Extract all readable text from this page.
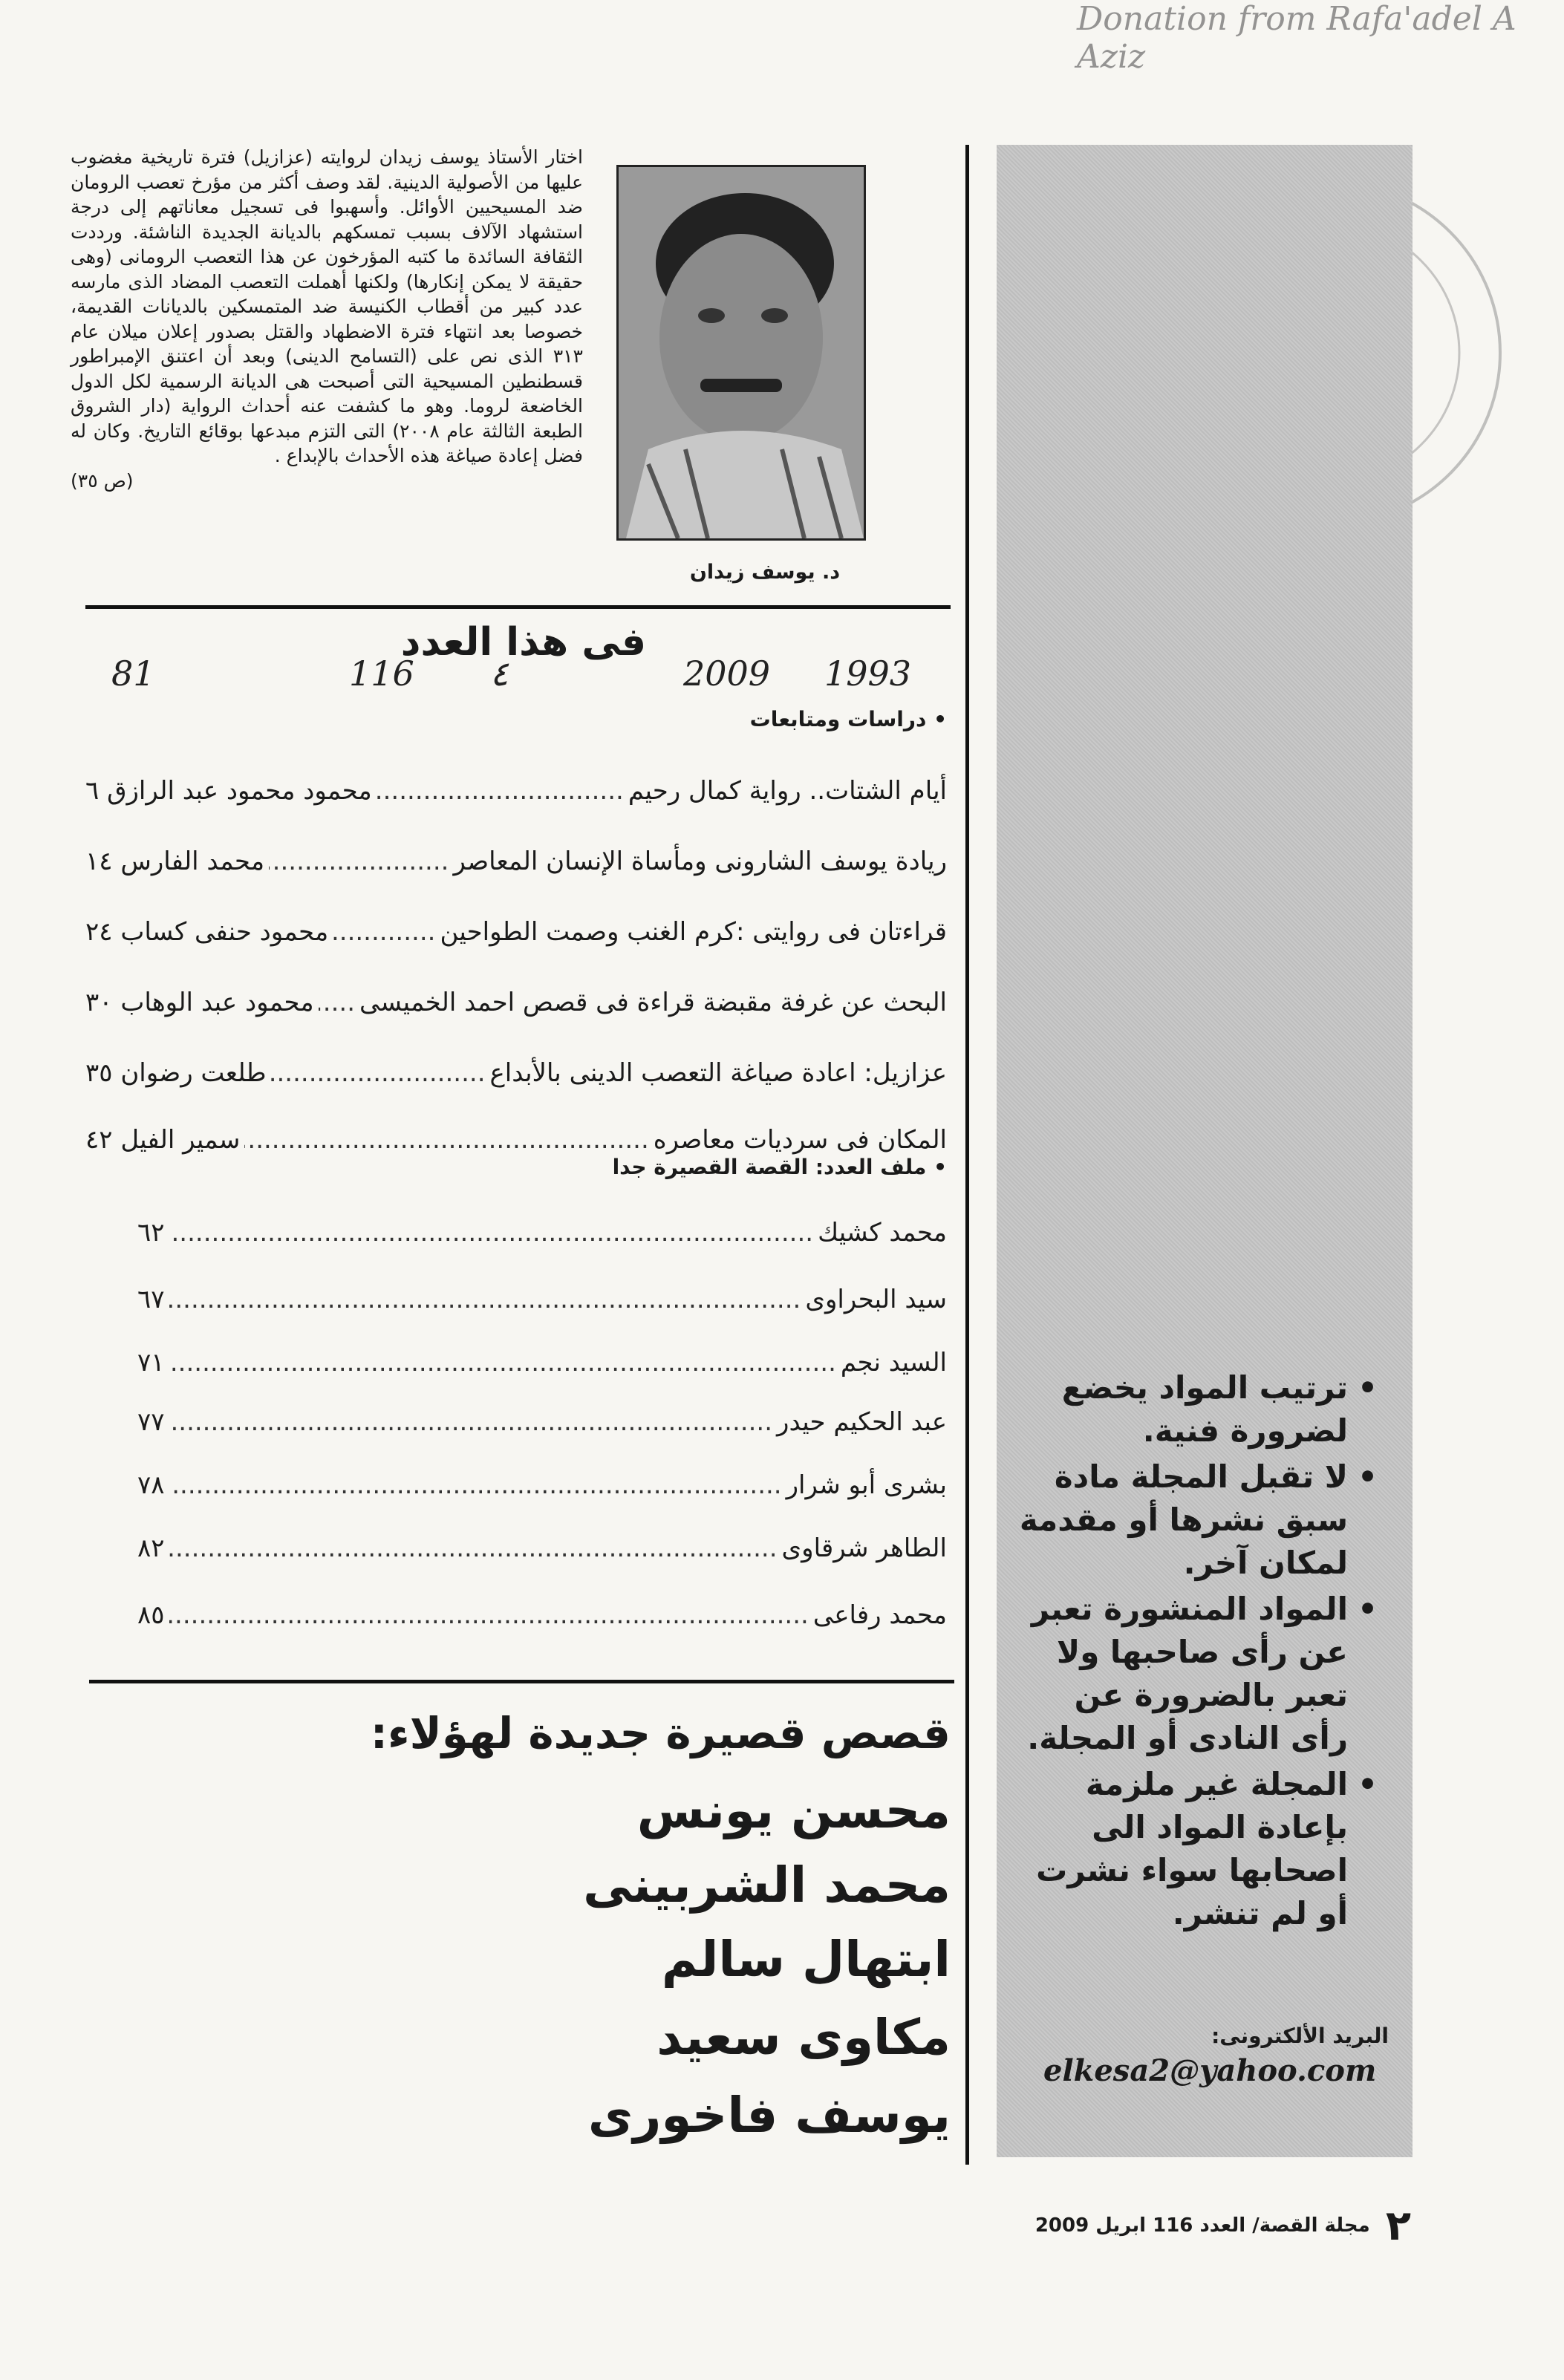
Donation from Rafa'adel A Aziz
اختار الأستاذ يوسف زيدان لروايته (عزازيل) فترة تاريخية مغضوب عليها من الأصولية الدينية. لقد وصف أكثر من مؤرخ تعصب الرومان ضد المسيحيين الأوائل. وأسهبوا فى تسجيل معاناتهم إلى درجة استشهاد الآلاف بسبب تمسكهم بالديانة الجديدة الناشئة. ورددت الثقافة السائدة ما كتبه المؤرخون عن هذا التعصب الرومانى (وهى حقيقة لا يمكن إنكارها) ولكنها أهملت التعصب المضاد الذى مارسه عدد كبير من أقطاب الكنيسة ضد المتمسكين بالديانات القديمة، خصوصا بعد انتهاء فترة الاضطهاد والقتل بصدور إعلان ميلان عام ٣١٣ الذى نص على (التسامح الدينى) وبعد أن اعتنق الإمبراطور قسطنطين المسيحية التى أصبحت هى الديانة الرسمية لكل الدول الخاضعة لروما. وهو ما كشفت عنه أحداث الرواية (دار الشروق الطبعة الثالثة عام ٢٠٠٨) التى التزم مبدعها بوقائع التاريخ. وكان له فضل إعادة صياغة هذه الأحداث بالإبداع .
(ص ٣٥)
د. يوسف زيدان
فى هذا العدد
1993
2009
٤
116
81
• دراسات ومتابعات
أيام الشتات.. رواية كمال رحيم
.....
محمود محمود عبد الرازق ٦
ريادة يوسف الشارونى ومأساة الإنسان المعاصر
.....
محمد الفارس ١٤
قراءتان فى روايتى :كرم الغنب وصمت الطواحين
.....
محمود حنفى كساب ٢٤
البحث عن غرفة مقبضة قراءة فى قصص احمد الخميسى
.....
محمود عبد الوهاب ٣٠
عزازيل: اعادة صياغة التعصب الدينى بالأبداع
.....
طلعت رضوان ٣٥
المكان فى سرديات معاصره
.....
سمير الفيل ٤٢
• ملف العدد: القصة القصيرة جدا
محمد كشيك
.....
٦٢
سيد البحراوى
.....
٦٧
السيد نجم
.....
٧١
عبد الحكيم حيدر
.....
٧٧
بشرى أبو شرار
.....
٧٨
الطاهر شرقاوى
.....
٨٢
محمد رفاعى
.....
٨٥
قصص قصيرة جديدة لهؤلاء:
محسن يونس
محمد الشربينى
ابتهال سالم
مكاوى سعيد
يوسف فاخورى
• ترتيب المواد يخضع لضرورة فنية.
• لا تقبل المجلة مادة سبق نشرها أو مقدمة لمكان آخر.
• المواد المنشورة تعبر عن رأى صاحبها ولا تعبر بالضرورة عن رأى النادى أو المجلة.
• المجلة غير ملزمة بإعادة المواد الى اصحابها سواء نشرت أو لم تنشر.
البريد الألكترونى:
elkesa2@yahoo.com
٢ مجلة القصة/ العدد 116 ابريل 2009
